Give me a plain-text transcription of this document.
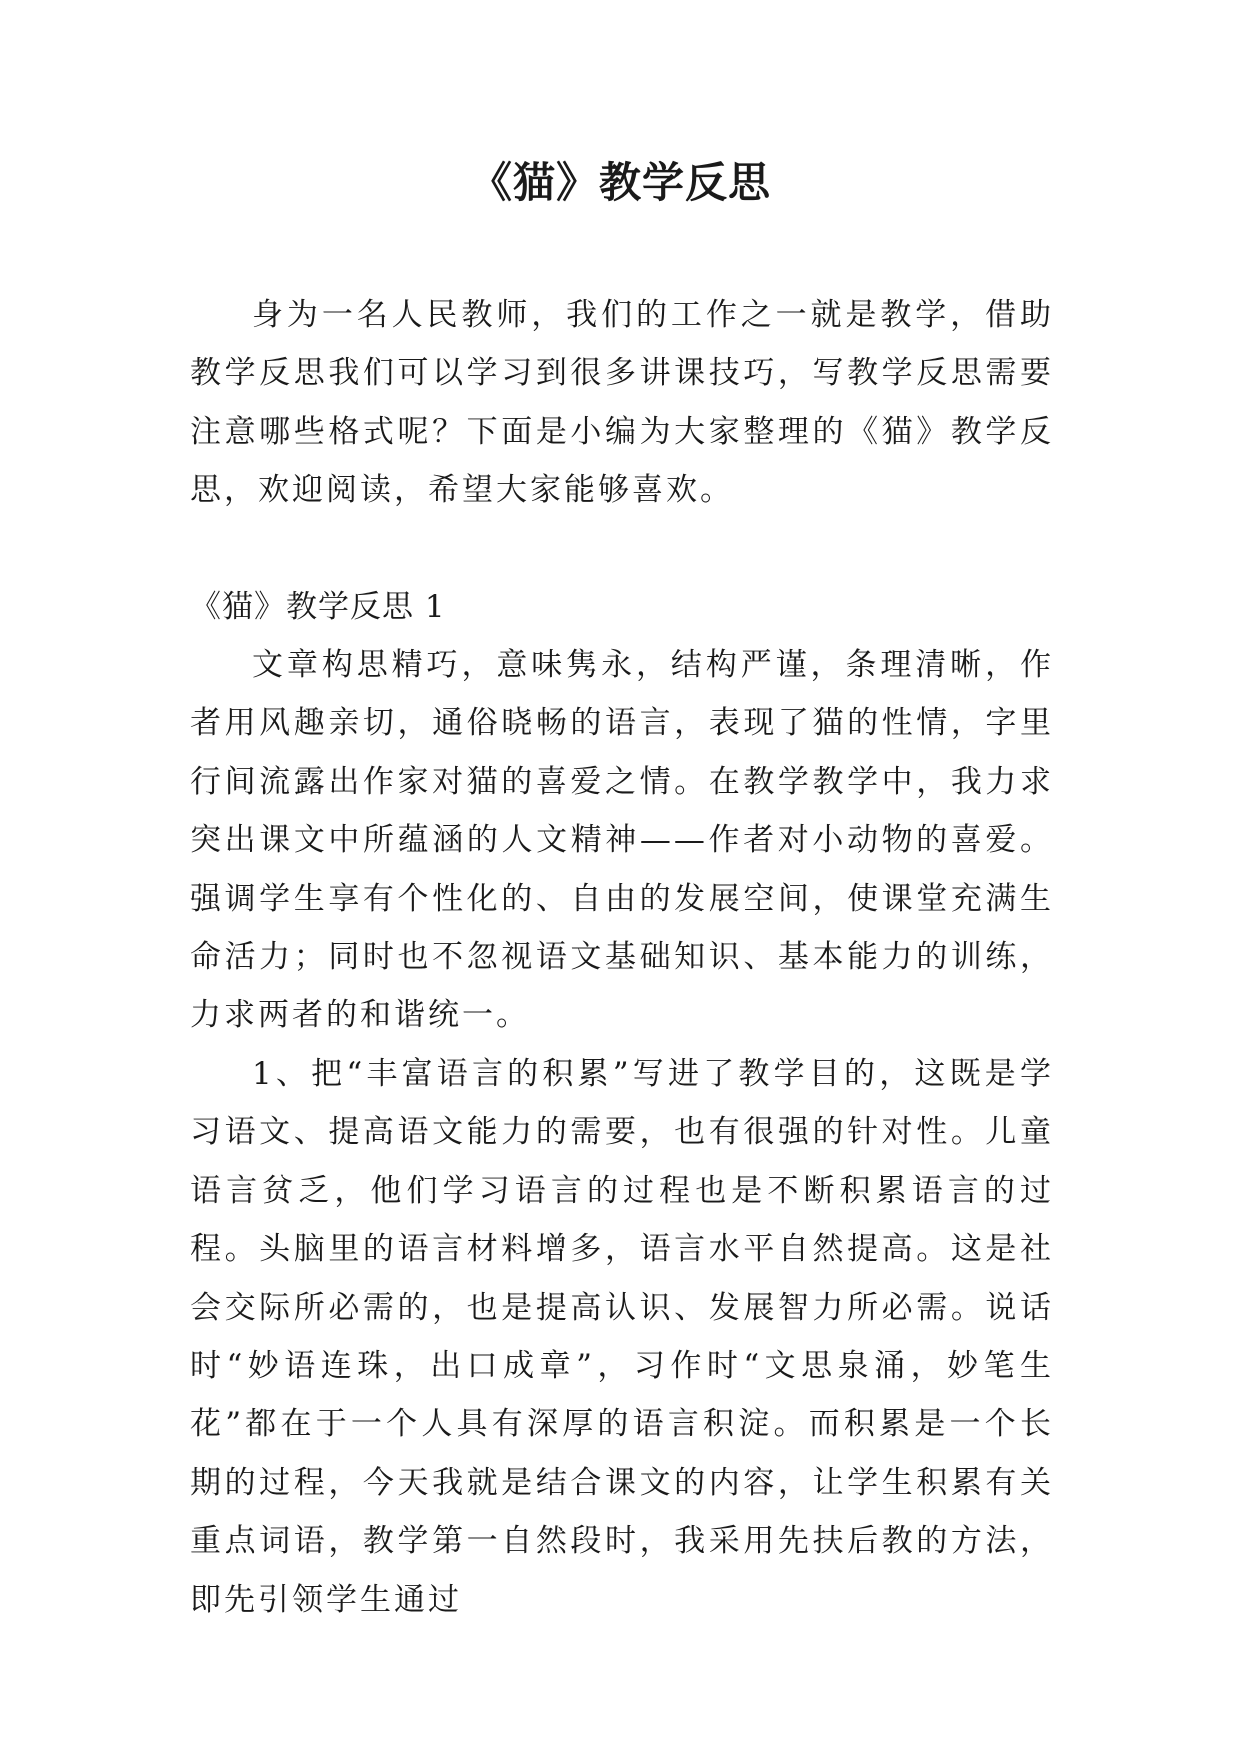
《猫》教学反思

身为一名人民教师，我们的工作之一就是教学，借助教学反思我们可以学习到很多讲课技巧，写教学反思需要注意哪些格式呢？下面是小编为大家整理的《猫》教学反思，欢迎阅读，希望大家能够喜欢。

《猫》教学反思 1

文章构思精巧，意味隽永，结构严谨，条理清晰，作者用风趣亲切，通俗晓畅的语言，表现了猫的性情，字里行间流露出作家对猫的喜爱之情。在教学教学中，我力求突出课文中所蕴涵的人文精神——作者对小动物的喜爱。强调学生享有个性化的、自由的发展空间，使课堂充满生命活力；同时也不忽视语文基础知识、基本能力的训练，力求两者的和谐统一。

1、把“丰富语言的积累”写进了教学目的，这既是学习语文、提高语文能力的需要，也有很强的针对性。儿童语言贫乏，他们学习语言的过程也是不断积累语言的过程。头脑里的语言材料增多，语言水平自然提高。这是社会交际所必需的，也是提高认识、发展智力所必需。说话时“妙语连珠，出口成章”，习作时“文思泉涌，妙笔生花”都在于一个人具有深厚的语言积淀。而积累是一个长期的过程，今天我就是结合课文的内容，让学生积累有关重点词语，教学第一自然段时，我采用先扶后教的方法，即先引领学生通过
